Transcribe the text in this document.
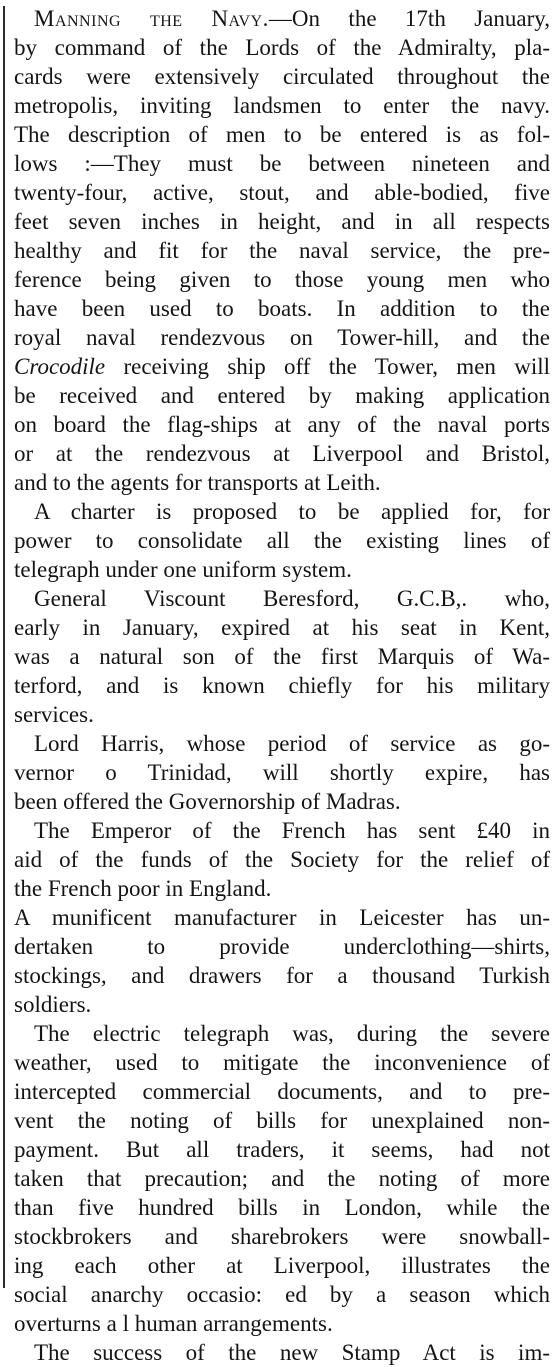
Manning the Navy.—On the 17th January,
by command of the Lords of the Admiralty, pla-
cards were extensively circulated throughout the
metropolis, inviting landsmen to enter the navy.
The description of men to be entered is as fol-
lows :—They must be between nineteen and
twenty-four, active, stout, and able-bodied, five
feet seven inches in height, and in all respects
healthy and fit for the naval service, the pre-
ference being given to those young men who
have been used to boats. In addition to the
royal naval rendezvous on Tower-hill, and the
Crocodile receiving ship off the Tower, men will
be received and entered by making application
on board the flag-ships at any of the naval ports
or at the rendezvous at Liverpool and Bristol,
and to the agents for transports at Leith.
A charter is proposed to be applied for, for
power to consolidate all the existing lines of
telegraph under one uniform system.
General Viscount Beresford, G.C.B,. who,
early in January, expired at his seat in Kent,
was a natural son of the first Marquis of Wa-
terford, and is known chiefly for his military
services.
Lord Harris, whose period of service as go-
vernor o Trinidad, will shortly expire, has
been offered the Governorship of Madras.
The Emperor of the French has sent £40 in
aid of the funds of the Society for the relief of
the French poor in England.
A munificent manufacturer in Leicester has un-
dertaken to provide underclothing—shirts,
stockings, and drawers for a thousand Turkish
soldiers.
The electric telegraph was, during the severe
weather, used to mitigate the inconvenience of
intercepted commercial documents, and to pre-
vent the noting of bills for unexplained non-
payment. But all traders, it seems, had not
taken that precaution; and the noting of more
than five hundred bills in London, while the
stockbrokers and sharebrokers were snowball-
ing each other at Liverpool, illustrates the
social anarchy occasio: ed by a season which
overturns a l human arrangements.
The success of the new Stamp Act is im-
